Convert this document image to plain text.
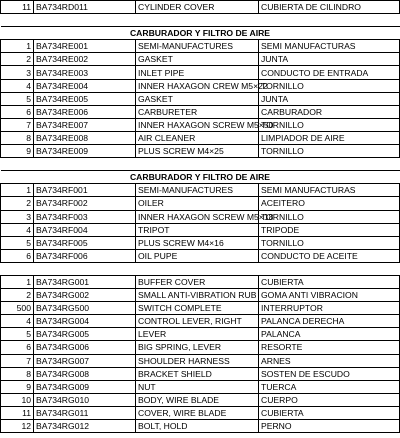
11	BA734RD011	CYLINDER COVER	CUBIERTA DE CILINDRO

CARBURADOR Y FILTRO DE AIRE			
1	BA734RE001	SEMI-MANUFACTURES	SEMI MANUFACTURAS
2	BA734RE002	GASKET	JUNTA
3	BA734RE003	INLET PIPE	CONDUCTO DE ENTRADA
4	BA734RE004	INNER HAXAGON CREW M5×22	TORNILLO
5	BA734RE005	GASKET	JUNTA
6	BA734RE006	CARBURETER	CARBURADOR
7	BA734RE007	INNER HAXAGON SCREW M5×50	TORNILLO
8	BA734RE008	AIR CLEANER	LIMPIADOR DE AIRE
9	BA734RE009	PLUS SCREW M4×25	TORNILLO

CARBURADOR Y FILTRO DE AIRE			
1	BA734RF001	SEMI-MANUFACTURES	SEMI MANUFACTURAS
2	BA734RF002	OILER	ACEITERO
3	BA734RF003	INNER HAXAGON SCREW M5×18	TORNILLO
4	BA734RF004	TRIPOT	TRIPODE
5	BA734RF005	PLUS SCREW M4×16	TORNILLO
6	BA734RF006	OIL PUPE	CONDUCTO DE ACEITE

1	BA734RG001	BUFFER COVER	CUBIERTA
2	BA734RG002	SMALL ANTI-VIBRATION RUB	GOMA ANTI VIBRACION
500	BA734RG500	SWITCH COMPLETE	INTERRUPTOR
4	BA734RG004	CONTROL LEVER, RIGHT	PALANCA DERECHA
5	BA734RG005	LEVER	PALANCA
6	BA734RG006	BIG SPRING, LEVER	RESORTE
7	BA734RG007	SHOULDER HARNESS	ARNES
8	BA734RG008	BRACKET SHIELD	SOSTEN DE ESCUDO
9	BA734RG009	NUT	TUERCA
10	BA734RG010	BODY, WIRE BLADE	CUERPO
11	BA734RG011	COVER, WIRE BLADE	CUBIERTA
12	BA734RG012	BOLT, HOLD	PERNO
